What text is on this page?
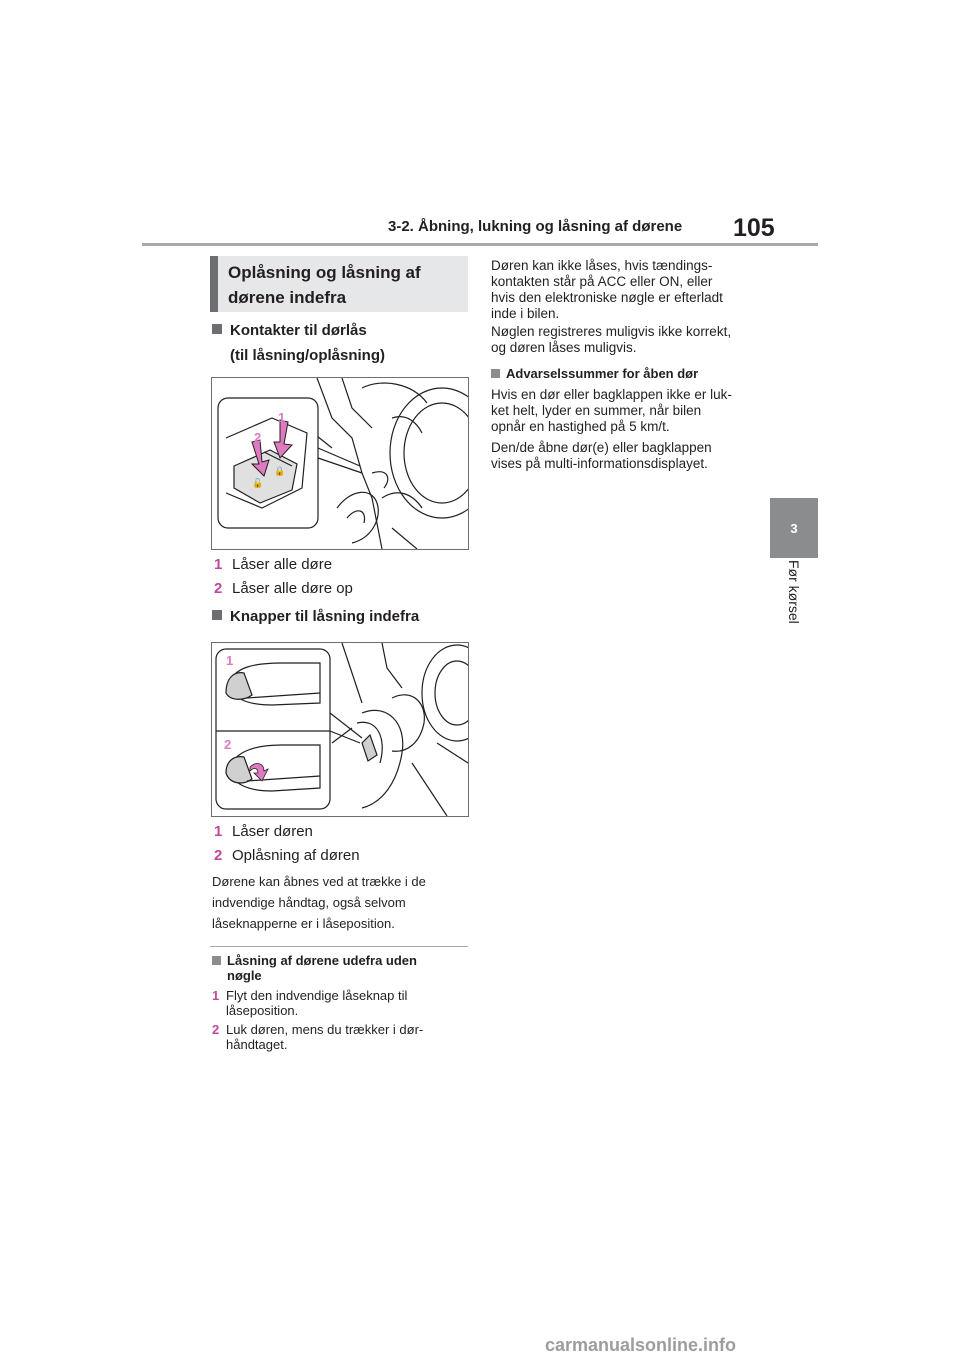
3-2. Åbning, lukning og låsning af dørene 105
3
Før kørsel
Oplåsning og låsning af
dørene indefra
Kontakter til dørlås
(til låsning/oplåsning)
🔓
🔒
1
2
1 Låser alle døre
2 Låser alle døre op
Knapper til låsning indefra
1
2
1 Låser døren
2 Oplåsning af døren
Dørene kan åbnes ved at trække i de
indvendige håndtag, også selvom
låseknapperne er i låseposition.
Låsning af dørene udefra uden
nøgle
1 Flyt den indvendige låseknap til
låseposition.
2 Luk døren, mens du trækker i dør-
håndtaget.
Døren kan ikke låses, hvis tændings-
kontakten står på ACC eller ON, eller
hvis den elektroniske nøgle er efterladt
inde i bilen.
Nøglen registreres muligvis ikke korrekt,
og døren låses muligvis.
Advarselssummer for åben dør
Hvis en dør eller bagklappen ikke er luk-
ket helt, lyder en summer, når bilen
opnår en hastighed på 5 km/t.
Den/de åbne dør(e) eller bagklappen
vises på multi-informationsdisplayet.
carmanualsonline.info
